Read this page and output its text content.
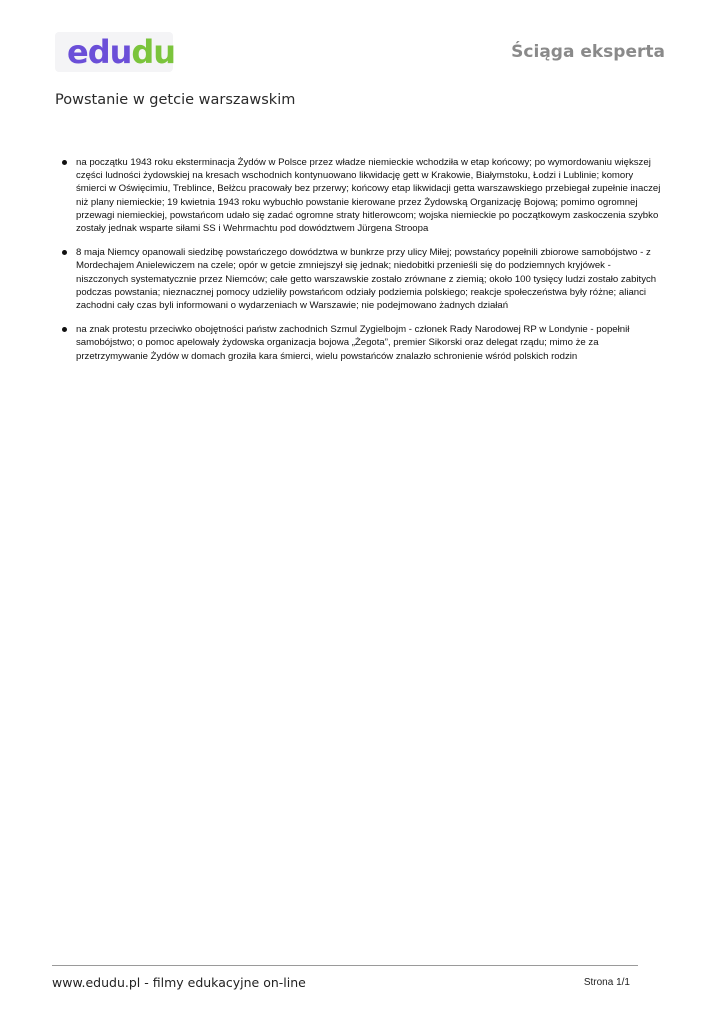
edudu	Ściąga eksperta
Powstanie w getcie warszawskim
na początku 1943 roku eksterminacja Żydów w Polsce przez władze niemieckie wchodziła w etap końcowy; po wymordowaniu większej części ludności żydowskiej na kresach wschodnich kontynuowano likwidację gett w Krakowie, Białymstoku, Łodzi i Lublinie; komory śmierci w Oświęcimiu, Treblince, Bełżcu pracowały bez przerwy; końcowy etap likwidacji getta warszawskiego przebiegał zupełnie inaczej niż plany niemieckie; 19 kwietnia 1943 roku wybuchło powstanie kierowane przez Żydowską Organizację Bojową; pomimo ogromnej przewagi niemieckiej, powstańcom udało się zadać ogromne straty hitlerowcom; wojska niemieckie po początkowym zaskoczenia szybko zostały jednak wsparte siłami SS i Wehrmachtu pod dowództwem Jürgena Stroopa
8 maja Niemcy opanowali siedzibę powstańczego dowództwa w bunkrze przy ulicy Miłej; powstańcy popełnili zbiorowe samobójstwo - z Mordechajem Anielewiczem na czele; opór w getcie zmniejszył się jednak; niedobitki przenieśli się do podziemnych kryjówek - niszczonych systematycznie przez Niemców; całe getto warszawskie zostało zrównane z ziemią; około 100 tysięcy ludzi zostało zabitych podczas powstania; nieznacznej pomocy udzieliły powstańcom odziały podziemia polskiego; reakcje społeczeństwa były różne; alianci zachodni cały czas byli informowani o wydarzeniach w Warszawie; nie podejmowano żadnych działań
na znak protestu przeciwko obojętności państw zachodnich Szmul Zygielbojm - członek Rady Narodowej RP w Londynie - popełnił samobójstwo; o pomoc apelowały żydowska organizacja bojowa „Żegota”, premier Sikorski oraz delegat rządu; mimo że za przetrzymywanie Żydów w domach groziła kara śmierci, wielu powstańców znalazło schronienie wśród polskich rodzin
www.edudu.pl - filmy edukacyjne on-line	Strona 1/1
